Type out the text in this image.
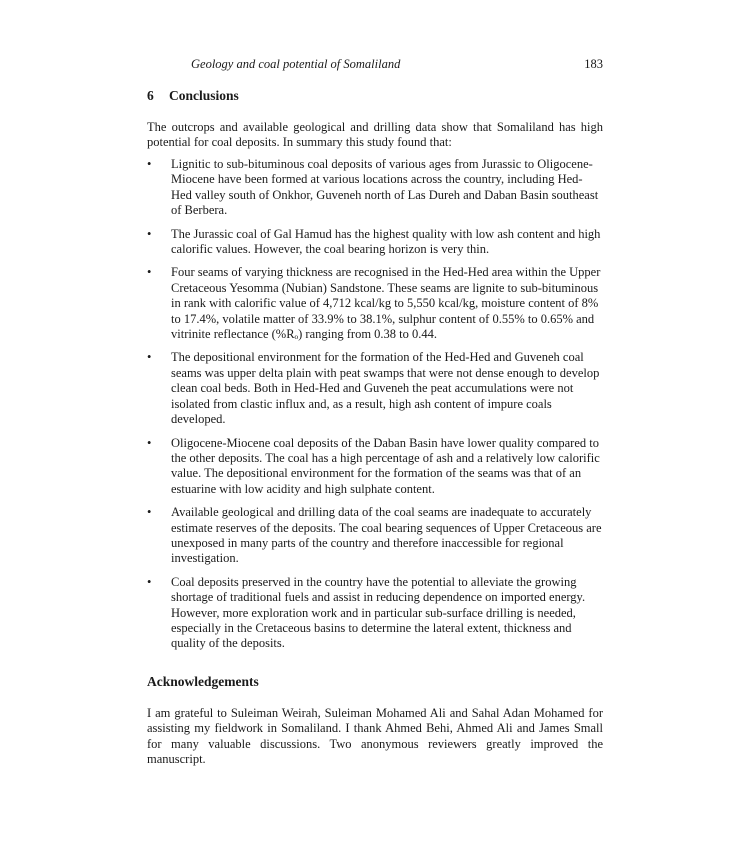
Geology and coal potential of Somaliland	183
6 Conclusions

The outcrops and available geological and drilling data show that Somaliland has high potential for coal deposits. In summary this study found that:

•	Lignitic to sub-bituminous coal deposits of various ages from Jurassic to Oligocene-Miocene have been formed at various locations across the country, including Hed-Hed valley south of Onkhor, Guveneh north of Las Dureh and Daban Basin southeast of Berbera.
•	The Jurassic coal of Gal Hamud has the highest quality with low ash content and high calorific values. However, the coal bearing horizon is very thin.
•	Four seams of varying thickness are recognised in the Hed-Hed area within the Upper Cretaceous Yesomma (Nubian) Sandstone. These seams are lignite to sub-bituminous in rank with calorific value of 4,712 kcal/kg to 5,550 kcal/kg, moisture content of 8% to 17.4%, volatile matter of 33.9% to 38.1%, sulphur content of 0.55% to 0.65% and vitrinite reflectance (%Rₒ) ranging from 0.38 to 0.44.
•	The depositional environment for the formation of the Hed-Hed and Guveneh coal seams was upper delta plain with peat swamps that were not dense enough to develop clean coal beds. Both in Hed-Hed and Guveneh the peat accumulations were not isolated from clastic influx and, as a result, high ash content of impure coals developed.
•	Oligocene-Miocene coal deposits of the Daban Basin have lower quality compared to the other deposits. The coal has a high percentage of ash and a relatively low calorific value. The depositional environment for the formation of the seams was that of an estuarine with low acidity and high sulphate content.
•	Available geological and drilling data of the coal seams are inadequate to accurately estimate reserves of the deposits. The coal bearing sequences of Upper Cretaceous are unexposed in many parts of the country and therefore inaccessible for regional investigation.
•	Coal deposits preserved in the country have the potential to alleviate the growing shortage of traditional fuels and assist in reducing dependence on imported energy. However, more exploration work and in particular sub-surface drilling is needed, especially in the Cretaceous basins to determine the lateral extent, thickness and quality of the deposits.
Acknowledgements

I am grateful to Suleiman Weirah, Suleiman Mohamed Ali and Sahal Adan Mohamed for assisting my fieldwork in Somaliland. I thank Ahmed Behi, Ahmed Ali and James Small for many valuable discussions. Two anonymous reviewers greatly improved the manuscript.
